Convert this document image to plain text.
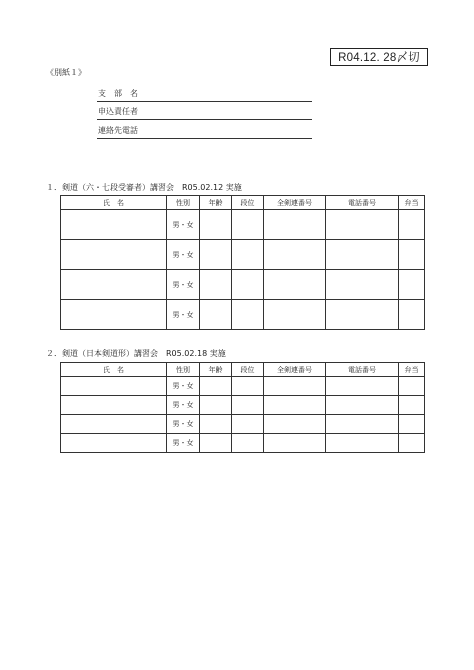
R04.12. 28〆切
《別紙１》
支　部　名
申込責任者
連絡先電話
１．剣道（六・七段受審者）講習会　R05.02.12 実施
氏　名	性別	年齢	段位	全剣連番号	電話番号	弁当
	男・女					
	男・女					
	男・女					
	男・女					
２．剣道（日本剣道形）講習会　R05.02.18 実施
氏　名	性別	年齢	段位	全剣連番号	電話番号	弁当
	男・女					
	男・女					
	男・女					
	男・女					
